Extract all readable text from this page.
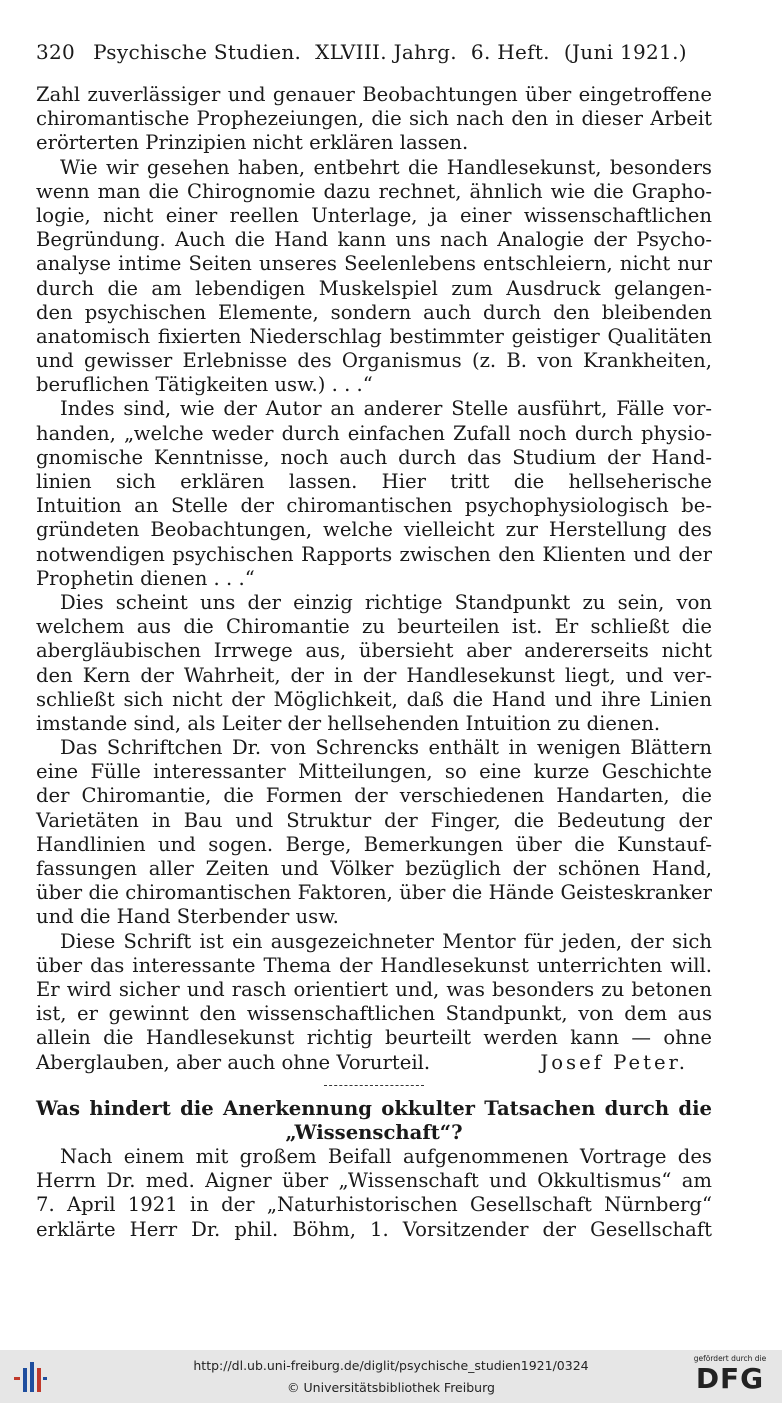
320 Psychische Studien. XLVIII. Jahrg. 6. Heft. (Juni 1921.)
Zahl zuverlässiger und genauer Beobachtungen über eingetroffene
chiromantische Prophezeiungen, die sich nach den in dieser Arbeit
erörterten Prinzipien nicht erklären lassen.
Wie wir gesehen haben, entbehrt die Handlesekunst, besonders
wenn man die Chirognomie dazu rechnet, ähnlich wie die Grapho-
logie, nicht einer reellen Unterlage, ja einer wissenschaftlichen
Begründung. Auch die Hand kann uns nach Analogie der Psycho-
analyse intime Seiten unseres Seelenlebens entschleiern, nicht nur
durch die am lebendigen Muskelspiel zum Ausdruck gelangen-
den psychischen Elemente, sondern auch durch den bleibenden
anatomisch fixierten Niederschlag bestimmter geistiger Qualitäten
und gewisser Erlebnisse des Organismus (z. B. von Krankheiten,
beruflichen Tätigkeiten usw.) . . .“
Indes sind, wie der Autor an anderer Stelle ausführt, Fälle vor-
handen, „welche weder durch einfachen Zufall noch durch physio-
gnomische Kenntnisse, noch auch durch das Studium der Hand-
linien sich erklären lassen. Hier tritt die hellseherische
Intuition an Stelle der chiromantischen psychophysiologisch be-
gründeten Beobachtungen, welche vielleicht zur Herstellung des
notwendigen psychischen Rapports zwischen den Klienten und der
Prophetin dienen . . .“
Dies scheint uns der einzig richtige Standpunkt zu sein, von
welchem aus die Chiromantie zu beurteilen ist. Er schließt die
abergläubischen Irrwege aus, übersieht aber andererseits nicht
den Kern der Wahrheit, der in der Handlesekunst liegt, und ver-
schließt sich nicht der Möglichkeit, daß die Hand und ihre Linien
imstande sind, als Leiter der hellsehenden Intuition zu dienen.
Das Schriftchen Dr. von Schrencks enthält in wenigen Blättern
eine Fülle interessanter Mitteilungen, so eine kurze Geschichte
der Chiromantie, die Formen der verschiedenen Handarten, die
Varietäten in Bau und Struktur der Finger, die Bedeutung der
Handlinien und sogen. Berge, Bemerkungen über die Kunstauf-
fassungen aller Zeiten und Völker bezüglich der schönen Hand,
über die chiromantischen Faktoren, über die Hände Geisteskranker
und die Hand Sterbender usw.
Diese Schrift ist ein ausgezeichneter Mentor für jeden, der sich
über das interessante Thema der Handlesekunst unterrichten will.
Er wird sicher und rasch orientiert und, was besonders zu betonen
ist, er gewinnt den wissenschaftlichen Standpunkt, von dem aus
allein die Handlesekunst richtig beurteilt werden kann — ohne
Aberglauben, aber auch ohne Vorurteil.	Josef Peter.
— — —
Was hindert die Anerkennung okkulter Tatsachen durch die
„Wissenschaft“?
Nach einem mit großem Beifall aufgenommenen Vortrage des
Herrn Dr. med. Aigner über „Wissenschaft und Okkultismus“ am
7. April 1921 in der „Naturhistorischen Gesellschaft Nürnberg“
erklärte Herr Dr. phil. Böhm, 1. Vorsitzender der Gesellschaft
http://dl.ub.uni-freiburg.de/diglit/psychische_studien1921/0324
© Universitätsbibliothek Freiburg
gefördert durch die
DFG
